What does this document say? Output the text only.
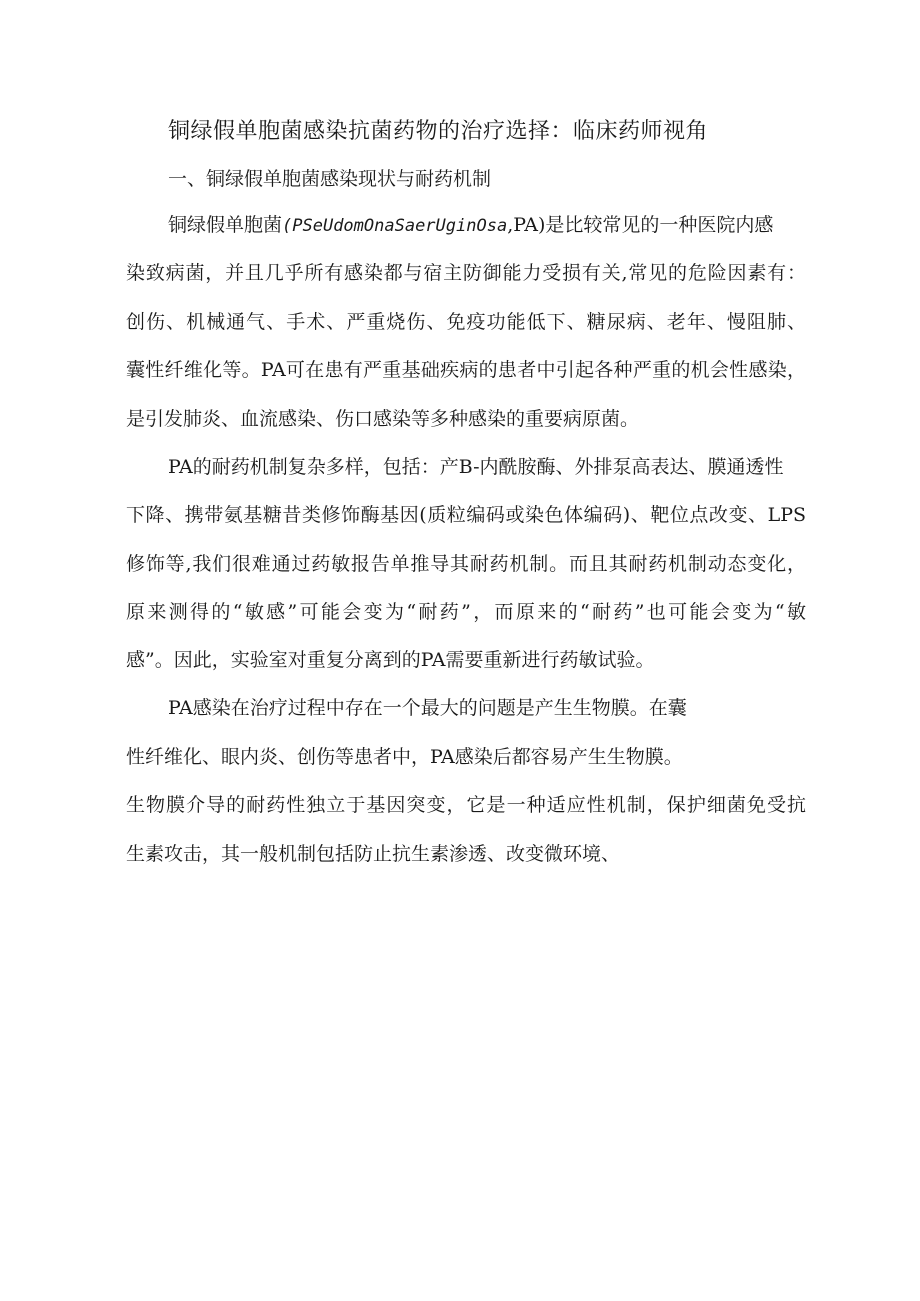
铜绿假单胞菌感染抗菌药物的治疗选择：临床药师视角
一、铜绿假单胞菌感染现状与耐药机制
铜绿假单胞菌(PSeUdomOnaSaerUginOsa,PA)是比较常见的一种医院内感
染致病菌，并且几乎所有感染都与宿主防御能力受损有关,常见的危险因素有：
创伤、机械通气、手术、严重烧伤、免疫功能低下、糖尿病、老年、慢阻肺、
囊性纤维化等。PA可在患有严重基础疾病的患者中引起各种严重的机会性感染，
是引发肺炎、血流感染、伤口感染等多种感染的重要病原菌。
PA的耐药机制复杂多样，包括：产B-内酰胺酶、外排泵高表达、膜通透性
下降、携带氨基糖昔类修饰酶基因(质粒编码或染色体编码)、靶位点改变、LPS
修饰等,我们很难通过药敏报告单推导其耐药机制。而且其耐药机制动态变化，
原来测得的“敏感”可能会变为“耐药”，而原来的“耐药”也可能会变为“敏
感”。因此，实验室对重复分离到的PA需要重新进行药敏试验。
PA感染在治疗过程中存在一个最大的问题是产生生物膜。在囊
性纤维化、眼内炎、创伤等患者中，PA感染后都容易产生生物膜。
生物膜介导的耐药性独立于基因突变，它是一种适应性机制，保护细菌免受抗
生素攻击，其一般机制包括防止抗生素渗透、改变微环境、
